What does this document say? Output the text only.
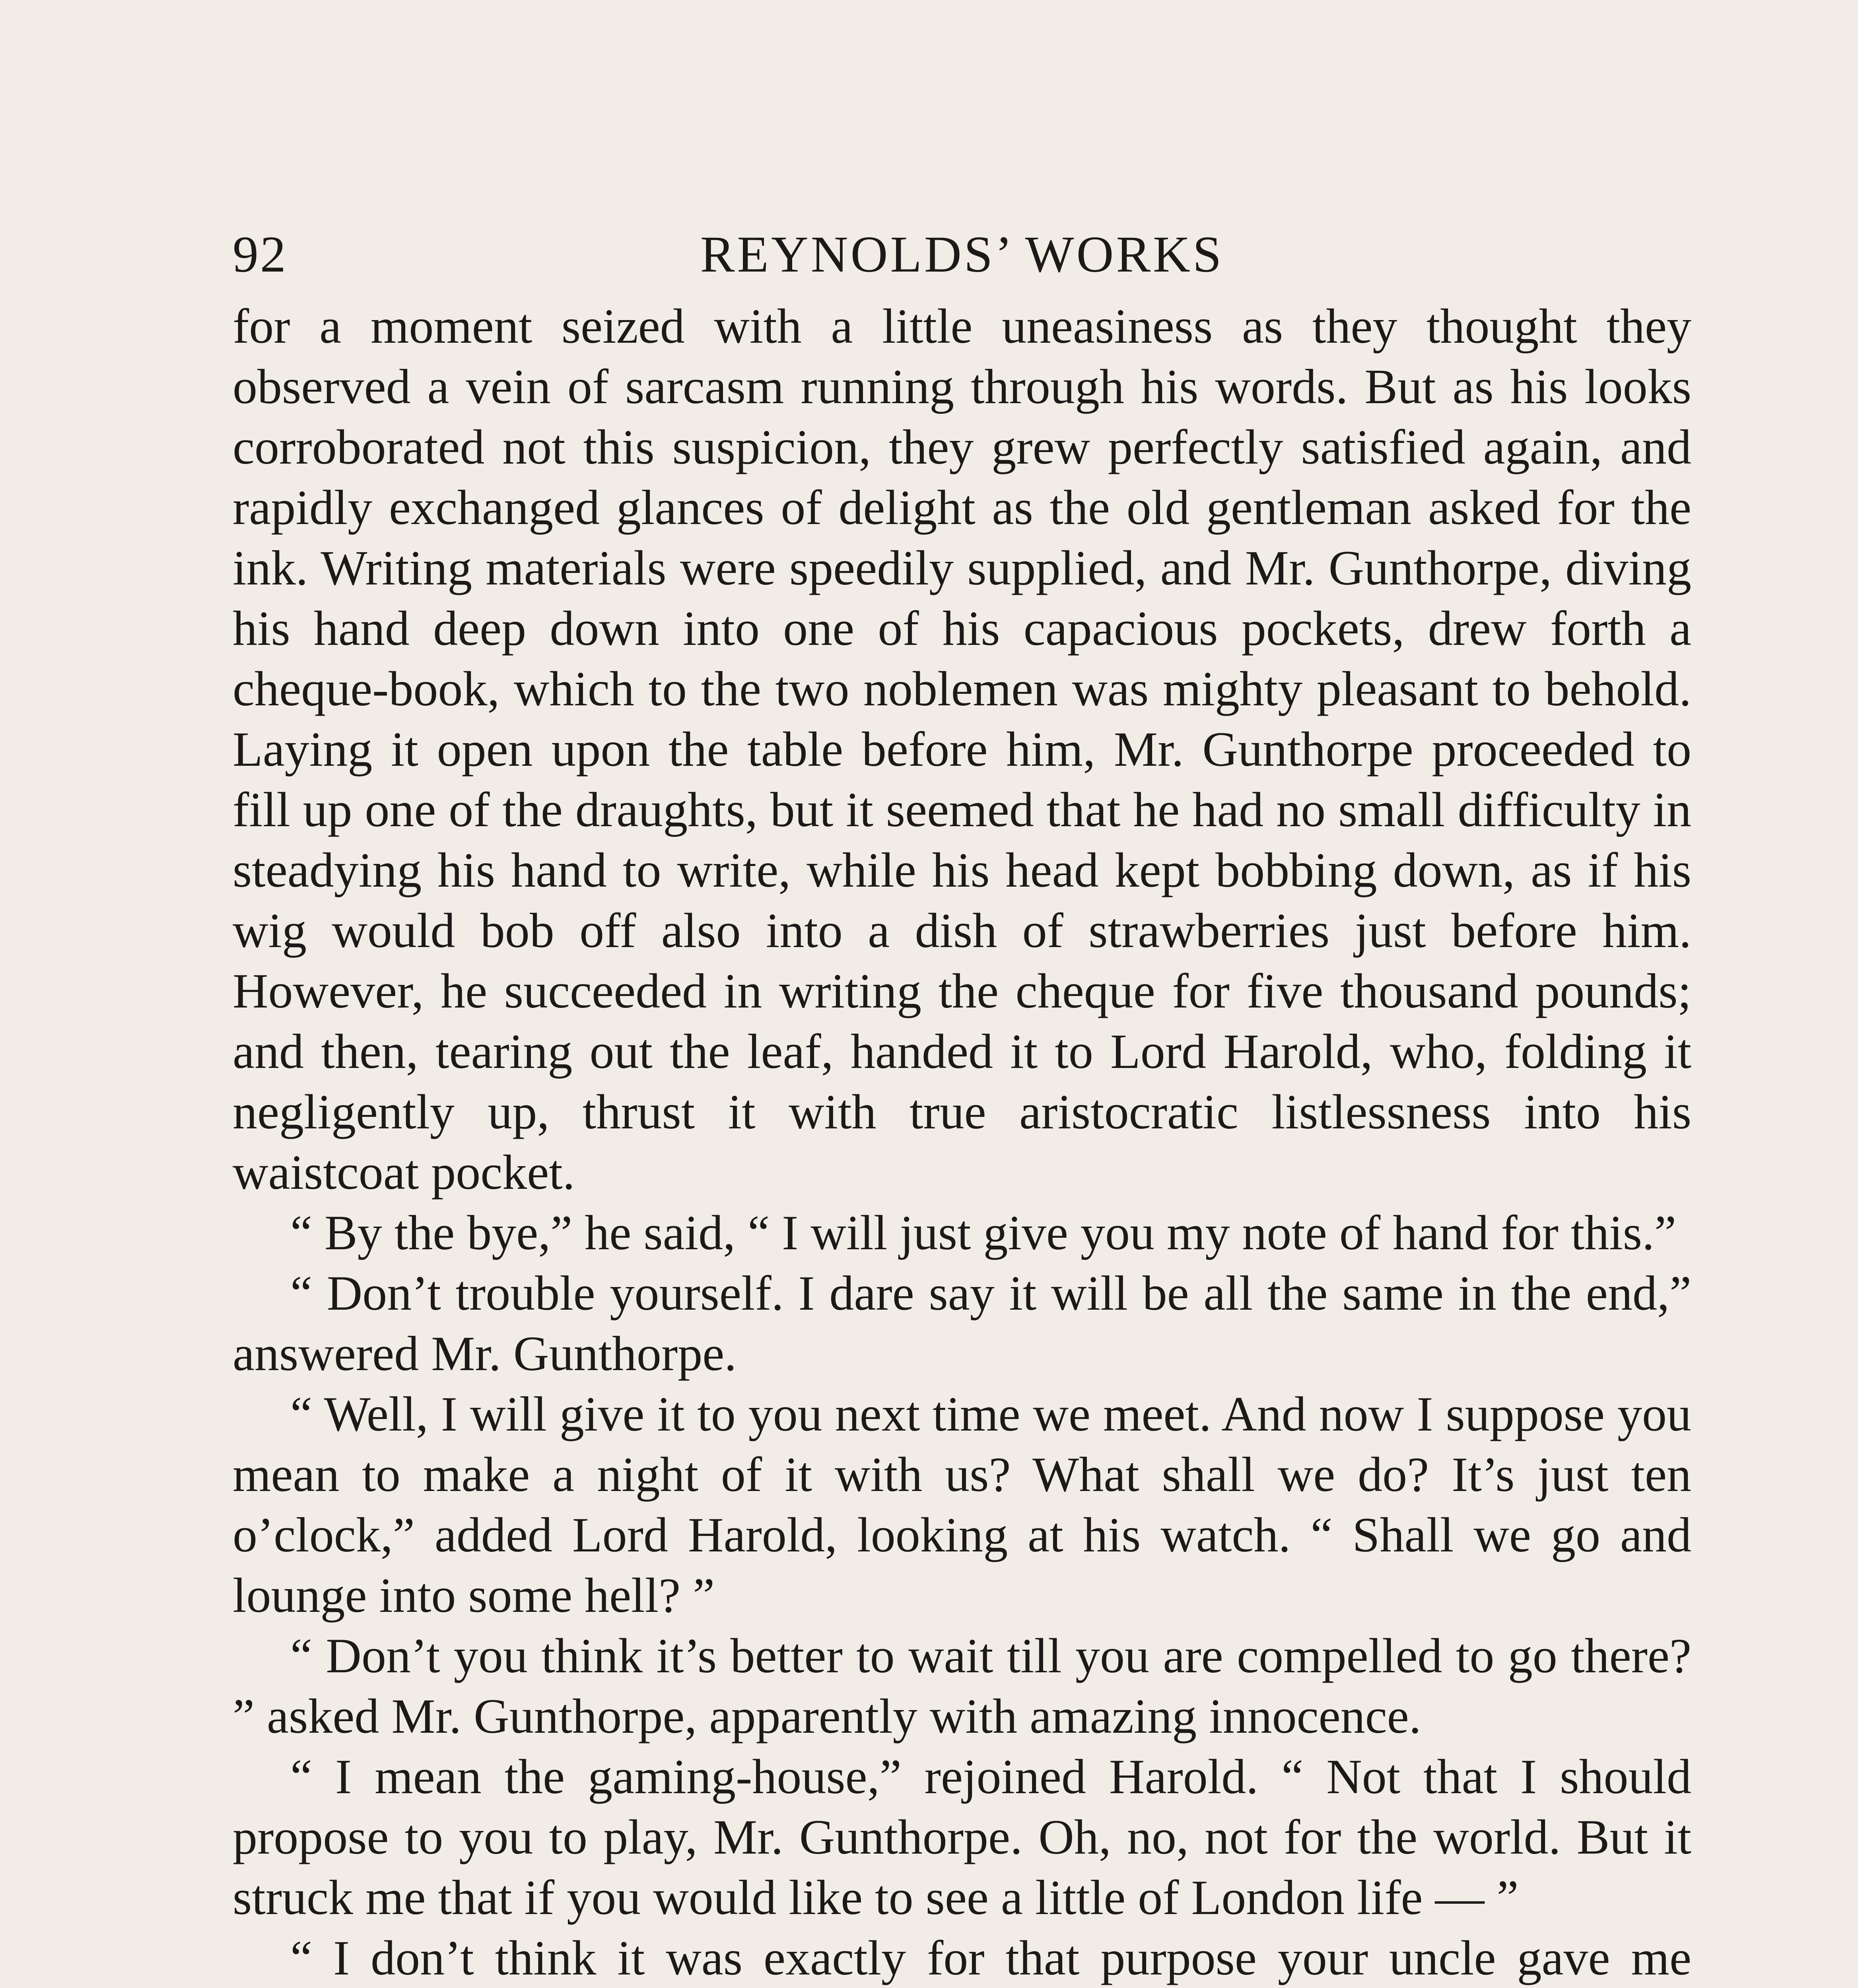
92	REYNOLDS’ WORKS

for a moment seized with a little uneasiness as they thought they observed a vein of sarcasm running through his words. But as his looks corroborated not this suspicion, they grew perfectly satisfied again, and rapidly exchanged glances of delight as the old gentleman asked for the ink. Writing materials were speedily supplied, and Mr. Gunthorpe, diving his hand deep down into one of his capacious pockets, drew forth a cheque-book, which to the two noblemen was mighty pleasant to behold. Laying it open upon the table before him, Mr. Gunthorpe proceeded to fill up one of the draughts, but it seemed that he had no small difficulty in steadying his hand to write, while his head kept bobbing down, as if his wig would bob off also into a dish of strawberries just before him. However, he succeeded in writing the cheque for five thousand pounds; and then, tearing out the leaf, handed it to Lord Harold, who, folding it negligently up, thrust it with true aristocratic listlessness into his waistcoat pocket.

“ By the bye,” he said, “ I will just give you my note of hand for this.”

“ Don’t trouble yourself. I dare say it will be all the same in the end,” answered Mr. Gunthorpe.

“ Well, I will give it to you next time we meet. And now I suppose you mean to make a night of it with us? What shall we do? It’s just ten o’clock,” added Lord Harold, looking at his watch. “ Shall we go and lounge into some hell? ”

“ Don’t you think it’s better to wait till you are compelled to go there? ” asked Mr. Gunthorpe, apparently with amazing innocence.

“ I mean the gaming-house,” rejoined Harold. “ Not that I should propose to you to play, Mr. Gunthorpe. Oh, no, not for the world. But it struck me that if you would like to see a little of London life — ”

“ I don’t think it was exactly for that purpose your uncle gave me
